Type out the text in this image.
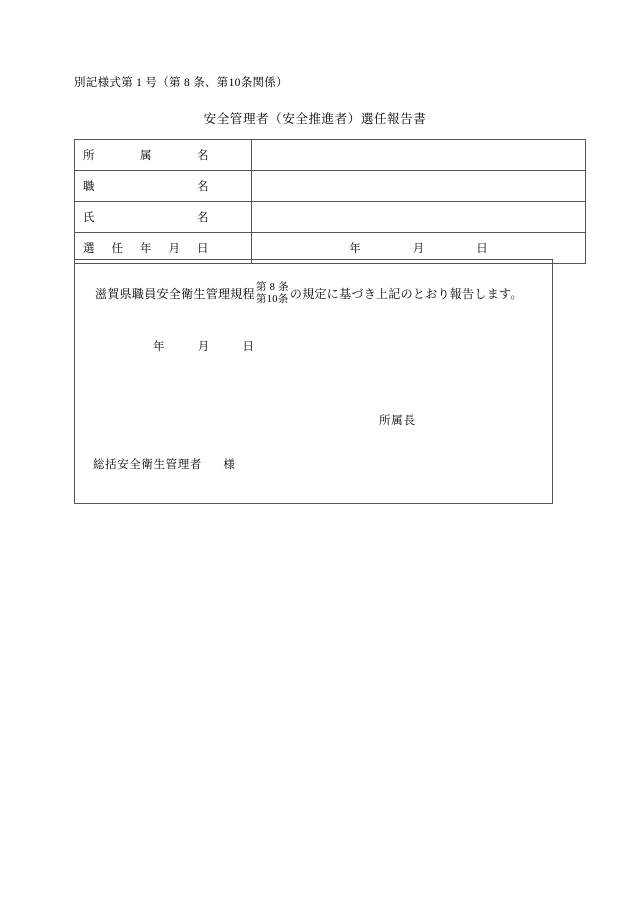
別記様式第 1 号（第 8 条、第10条関係）
安全管理者（安全推進者）選任報告書
所 属 名	

職 名	

氏 名	

選 任 年 月 日	年 月 日
滋賀県職員安全衛生管理規程 第 8 条
第10条 の規定に基づき上記のとおり報告します。
年	月	日
所属長
総括安全衛生管理者 様
